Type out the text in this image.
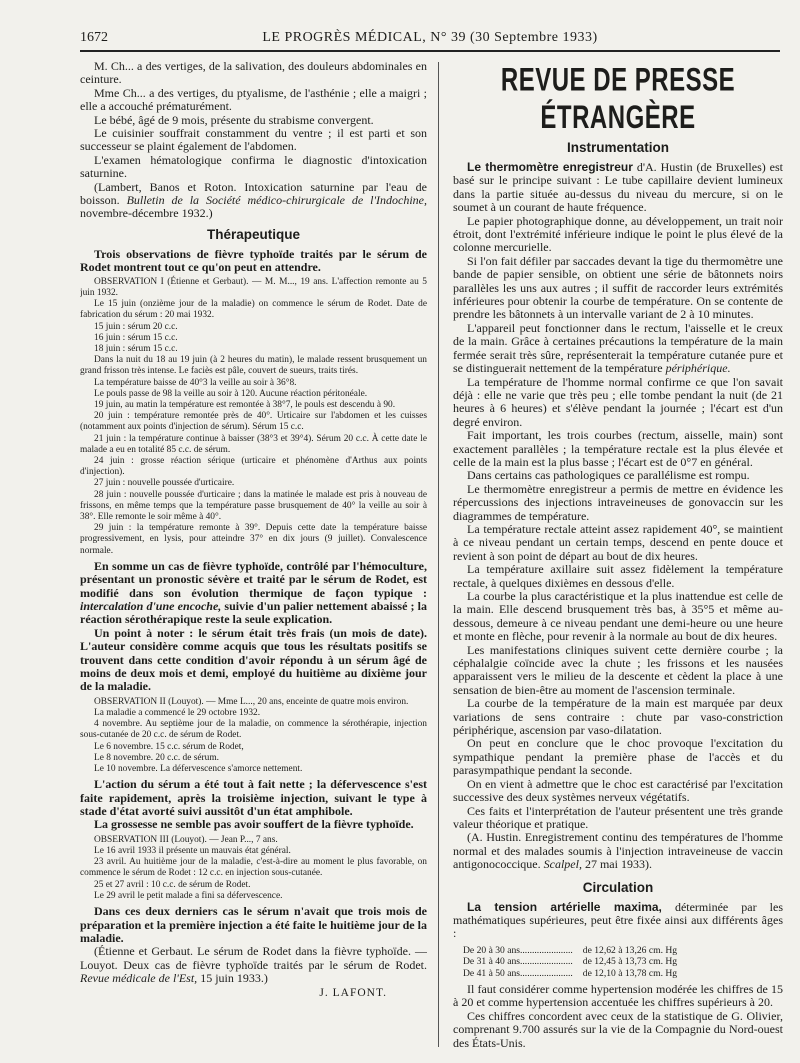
1672	LE PROGRÈS MÉDICAL, N° 39 (30 Septembre 1933)

M. Ch... a des vertiges, de la salivation, des douleurs abdominales en ceinture.

Mme Ch... a des vertiges, du ptyalisme, de l'asthénie ; elle a maigri ; elle a accouché prématurément.

Le bébé, âgé de 9 mois, présente du strabisme convergent.

Le cuisinier souffrait constamment du ventre ; il est parti et son successeur se plaint également de l'abdomen.

L'examen hématologique confirma le diagnostic d'intoxication saturnine.

(Lambert, Banos et Roton. Intoxication saturnine par l'eau de boisson. Bulletin de la Société médico-chirurgicale de l'Indochine, novembre-décembre 1932.)

Thérapeutique

Trois observations de fièvre typhoïde traités par le sérum de Rodet montrent tout ce qu'on peut en attendre.

OBSERVATION I (Étienne et Gerbaut). — M. M..., 19 ans. L'affection remonte au 5 juin 1932.

Le 15 juin (onzième jour de la maladie) on commence le sérum de Rodet. Date de fabrication du sérum : 20 mai 1932.

15 juin : sérum 20 c.c.

16 juin : sérum 15 c.c.

18 juin : sérum 15 c.c.

Dans la nuit du 18 au 19 juin (à 2 heures du matin), le malade ressent brusquement un grand frisson très intense. Le faciès est pâle, couvert de sueurs, traits tirés.

La température baisse de 40°3 la veille au soir à 36°8.

Le pouls passe de 98 la veille au soir à 120. Aucune réaction péritonéale.

19 juin, au matin la température est remontée à 38°7, le pouls est descendu à 90.

20 juin : température remontée près de 40°. Urticaire sur l'abdomen et les cuisses (notamment aux points d'injection de sérum). Sérum 15 c.c.

21 juin : la température continue à baisser (38°3 et 39°4). Sérum 20 c.c. À cette date le malade a eu en totalité 85 c.c. de sérum.

24 juin : grosse réaction sérique (urticaire et phénomène d'Arthus aux points d'injection).

27 juin : nouvelle poussée d'urticaire.

28 juin : nouvelle poussée d'urticaire ; dans la matinée le malade est pris à nouveau de frissons, en même temps que la température passe brusquement de 40° la veille au soir à 38°. Elle remonte le soir même à 40°.

29 juin : la température remonte à 39°. Depuis cette date la température baisse progressivement, en lysis, pour atteindre 37° en dix jours (9 juillet). Convalescence normale.

En somme un cas de fièvre typhoïde, contrôlé par l'hémoculture, présentant un pronostic sévère et traité par le sérum de Rodet, est modifié dans son évolution thermique de façon typique : intercalation d'une encoche, suivie d'un palier nettement abaissé ; la réaction sérothérapique reste la seule explication.

Un point à noter : le sérum était très frais (un mois de date). L'auteur considère comme acquis que tous les résultats positifs se trouvent dans cette condition d'avoir répondu à un sérum âgé de moins de deux mois et demi, employé du huitième au dixième jour de la maladie.

OBSERVATION II (Louyot). — Mme L..., 20 ans, enceinte de quatre mois environ.

La maladie a commencé le 29 octobre 1932.

4 novembre. Au septième jour de la maladie, on commence la sérothérapie, injection sous-cutanée de 20 c.c. de sérum de Rodet.

Le 6 novembre. 15 c.c. sérum de Rodet,

Le 8 novembre. 20 c.c. de sérum.

Le 10 novembre. La défervescence s'amorce nettement.

L'action du sérum a été tout à fait nette ; la défervescence s'est faite rapidement, après la troisième injection, suivant le type à stade d'état avorté suivi aussitôt d'un état amphibole.

La grossesse ne semble pas avoir souffert de la fièvre typhoïde.

OBSERVATION III (Louyot). — Jean P..., 7 ans.

Le 16 avril 1933 il présente un mauvais état général.

23 avril. Au huitième jour de la maladie, c'est-à-dire au moment le plus favorable, on commence le sérum de Rodet : 12 c.c. en injection sous-cutanée.

25 et 27 avril : 10 c.c. de sérum de Rodet.

Le 29 avril le petit malade a fini sa défervescence.

Dans ces deux derniers cas le sérum n'avait que trois mois de préparation et la première injection a été faite le huitième jour de la maladie.

(Étienne et Gerbaut. Le sérum de Rodet dans la fièvre typhoïde. — Louyot. Deux cas de fièvre typhoïde traités par le sérum de Rodet. Revue médicale de l'Est, 15 juin 1933.)

J. LAFONT.

REVUE DE PRESSE ÉTRANGÈRE
Instrumentation

Le thermomètre enregistreur d'A. Hustin (de Bruxelles) est basé sur le principe suivant : Le tube capillaire devient lumineux dans la partie située au-dessus du niveau du mercure, si on le soumet à un courant de haute fréquence.

Le papier photographique donne, au développement, un trait noir étroit, dont l'extrémité inférieure indique le point le plus élevé de la colonne mercurielle.

Si l'on fait défiler par saccades devant la tige du thermomètre une bande de papier sensible, on obtient une série de bâtonnets noirs parallèles les uns aux autres ; il suffit de raccorder leurs extrémités inférieures pour obtenir la courbe de température. On se contente de prendre les bâtonnets à un intervalle variant de 2 à 10 minutes.

L'appareil peut fonctionner dans le rectum, l'aisselle et le creux de la main. Grâce à certaines précautions la température de la main fermée serait très sûre, représenterait la température cutanée pure et se distinguerait nettement de la température périphérique.

La température de l'homme normal confirme ce que l'on savait déjà : elle ne varie que très peu ; elle tombe pendant la nuit (de 21 heures à 6 heures) et s'élève pendant la journée ; l'écart est d'un degré environ.

Fait important, les trois courbes (rectum, aisselle, main) sont exactement parallèles ; la température rectale est la plus élevée et celle de la main est la plus basse ; l'écart est de 0°7 en général.

Dans certains cas pathologiques ce parallélisme est rompu.

Le thermomètre enregistreur a permis de mettre en évidence les répercussions des injections intraveineuses de gonovaccin sur les diagrammes de température.

La température rectale atteint assez rapidement 40°, se maintient à ce niveau pendant un certain temps, descend en pente douce et revient à son point de départ au bout de dix heures.

La température axillaire suit assez fidèlement la température rectale, à quelques dixièmes en dessous d'elle.

La courbe la plus caractéristique et la plus inattendue est celle de la main. Elle descend brusquement très bas, à 35°5 et même au-dessous, demeure à ce niveau pendant une demi-heure ou une heure et monte en flèche, pour revenir à la normale au bout de dix heures.

Les manifestations cliniques suivent cette dernière courbe ; la céphalalgie coïncide avec la chute ; les frissons et les nausées apparaissent vers le milieu de la descente et cèdent la place à une sensation de bien-être au moment de l'ascension terminale.

La courbe de la température de la main est marquée par deux variations de sens contraire : chute par vaso-constriction périphérique, ascension par vaso-dilatation.

On peut en conclure que le choc provoque l'excitation du sympathique pendant la première phase de l'accès et du parasympathique pendant la seconde.

On en vient à admettre que le choc est caractérisé par l'excitation successive des deux systèmes nerveux végétatifs.

Ces faits et l'interprétation de l'auteur présentent une très grande valeur théorique et pratique.

(A. Hustin. Enregistrement continu des températures de l'homme normal et des malades soumis à l'injection intraveineuse de vaccin antigonococcique. Scalpel, 27 mai 1933).

Circulation

La tension artérielle maxima, déterminée par les mathématiques supérieures, peut être fixée ainsi aux différents âges :

De 20 à 30 ans......................	de 12,62 à 13,26 cm. Hg
De 31 à 40 ans......................	de 12,45 à 13,73 cm. Hg
De 41 à 50 ans......................	de 12,10 à 13,78 cm. Hg

Il faut considérer comme hypertension modérée les chiffres de 15 à 20 et comme hypertension accentuée les chiffres supérieurs à 20.

Ces chiffres concordent avec ceux de la statistique de G. Olivier, comprenant 9.700 assurés sur la vie de la Compagnie du Nord-ouest des États-Unis.
